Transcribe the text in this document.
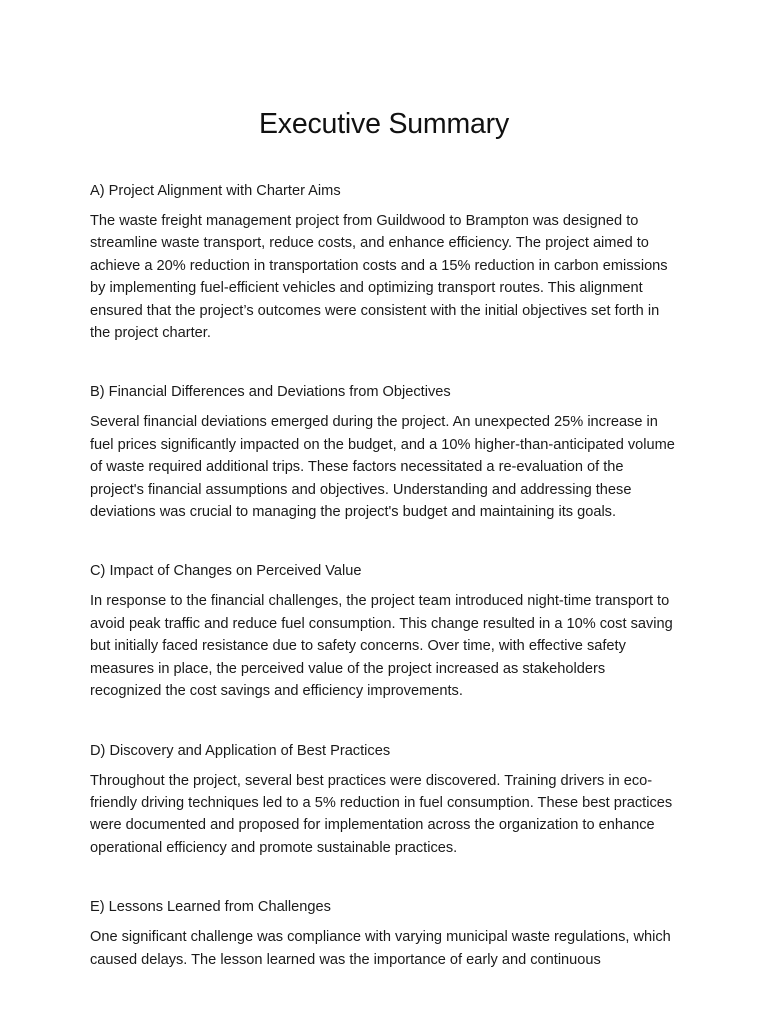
Executive Summary
A) Project Alignment with Charter Aims

The waste freight management project from Guildwood to Brampton was designed to streamline waste transport, reduce costs, and enhance efficiency. The project aimed to achieve a 20% reduction in transportation costs and a 15% reduction in carbon emissions by implementing fuel-efficient vehicles and optimizing transport routes. This alignment ensured that the project’s outcomes were consistent with the initial objectives set forth in the project charter.

B) Financial Differences and Deviations from Objectives

Several financial deviations emerged during the project. An unexpected 25% increase in fuel prices significantly impacted on the budget, and a 10% higher-than-anticipated volume of waste required additional trips. These factors necessitated a re-evaluation of the project's financial assumptions and objectives. Understanding and addressing these deviations was crucial to managing the project's budget and maintaining its goals.

C) Impact of Changes on Perceived Value

In response to the financial challenges, the project team introduced night-time transport to avoid peak traffic and reduce fuel consumption. This change resulted in a 10% cost saving but initially faced resistance due to safety concerns. Over time, with effective safety measures in place, the perceived value of the project increased as stakeholders recognized the cost savings and efficiency improvements.

D) Discovery and Application of Best Practices

Throughout the project, several best practices were discovered. Training drivers in eco-friendly driving techniques led to a 5% reduction in fuel consumption. These best practices were documented and proposed for implementation across the organization to enhance operational efficiency and promote sustainable practices.

E) Lessons Learned from Challenges

One significant challenge was compliance with varying municipal waste regulations, which caused delays. The lesson learned was the importance of early and continuous
